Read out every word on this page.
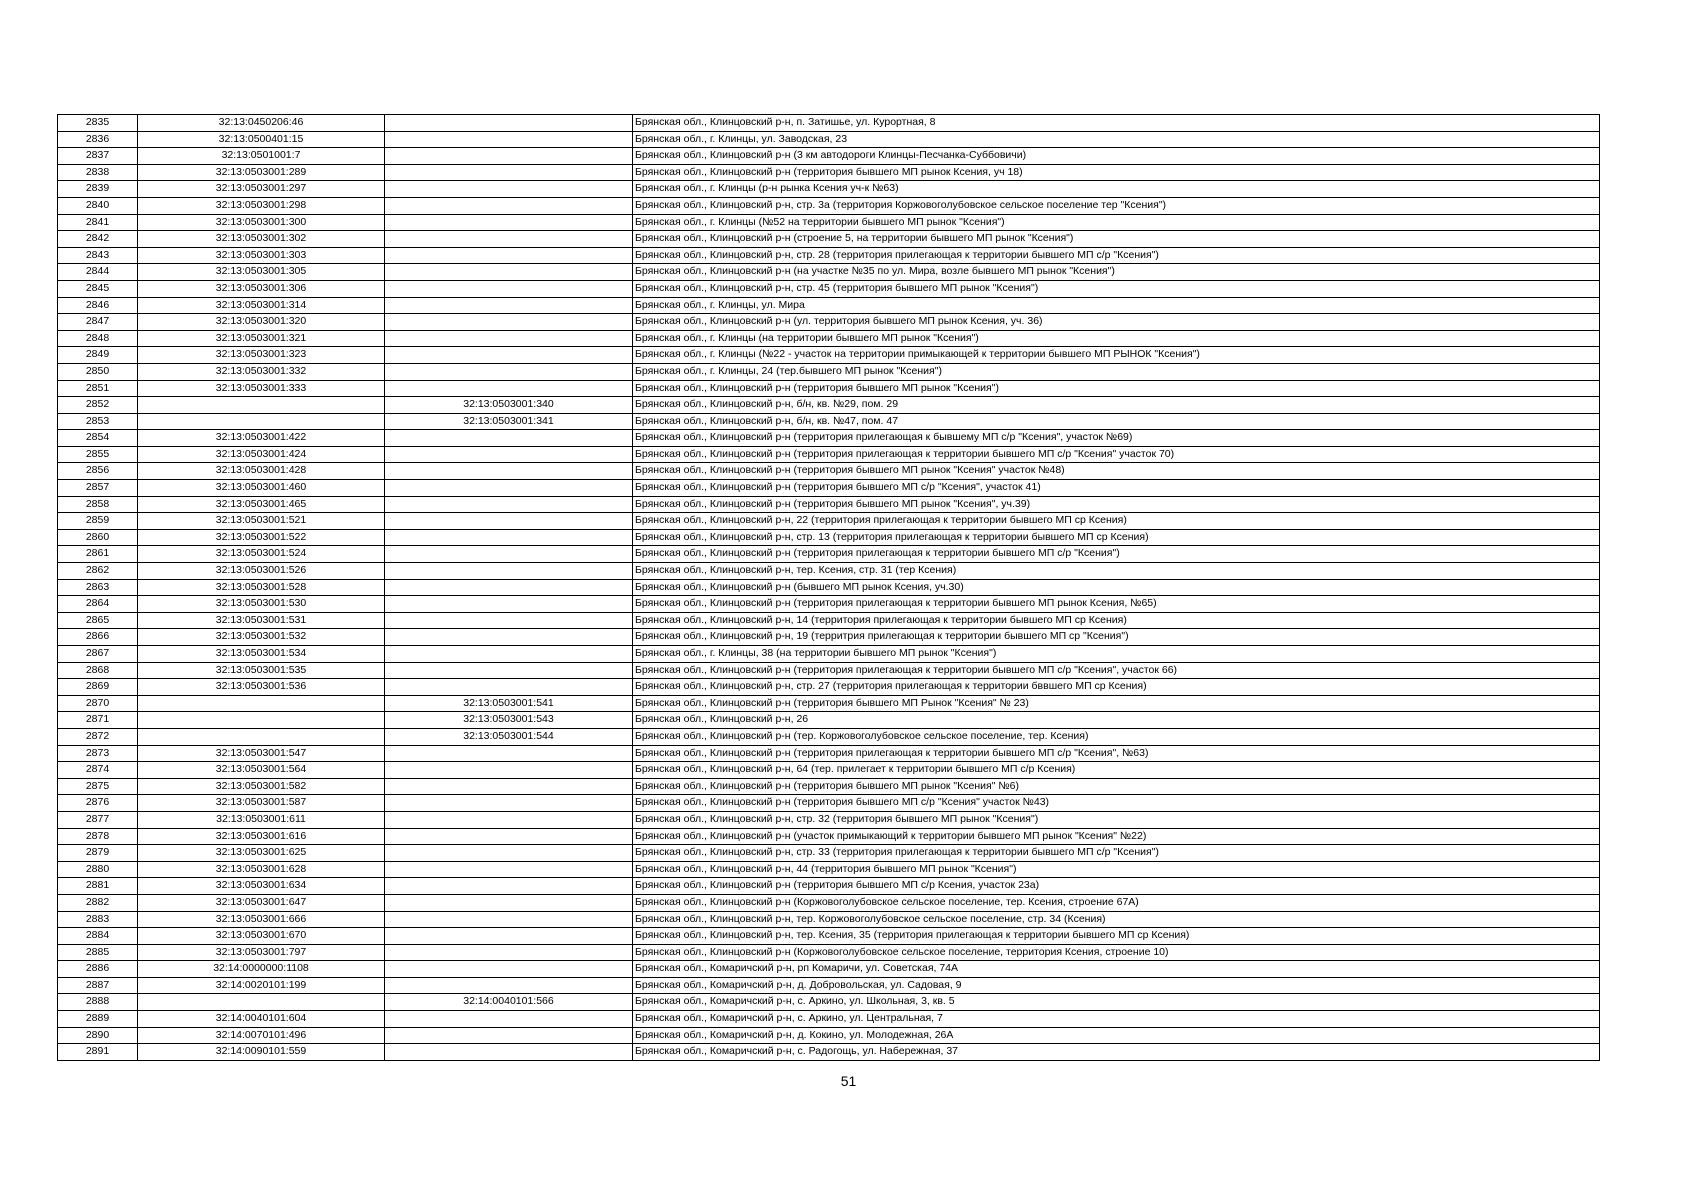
2835	32:13:0450206:46		Брянская обл., Клинцовский р-н, п. Затишье, ул. Курортная, 8
2836	32:13:0500401:15		Брянская обл., г. Клинцы, ул. Заводская, 23
2837	32:13:0501001:7		Брянская обл., Клинцовский р-н (3 км автодороги Клинцы-Песчанка-Суббовичи)
2838	32:13:0503001:289		Брянская обл., Клинцовский р-н (территория бывшего МП рынок Ксения, уч 18)
2839	32:13:0503001:297		Брянская обл., г. Клинцы (р-н рынка Ксения уч-к №63)
2840	32:13:0503001:298		Брянская обл., Клинцовский р-н, стр. 3а (территория Коржовоголубовское сельское поселение тер "Ксения")
2841	32:13:0503001:300		Брянская обл., г. Клинцы (№52 на территории бывшего МП рынок "Ксения")
2842	32:13:0503001:302		Брянская обл., Клинцовский р-н (строение 5, на территории бывшего МП рынок "Ксения")
2843	32:13:0503001:303		Брянская обл., Клинцовский р-н, стр. 28 (территория прилегающая к территории бывшего МП с/р "Ксения")
2844	32:13:0503001:305		Брянская обл., Клинцовский р-н (на участке №35 по ул. Мира, возле бывшего МП рынок "Ксения")
2845	32:13:0503001:306		Брянская обл., Клинцовский р-н, стр. 45 (территория бывшего МП рынок "Ксения")
2846	32:13:0503001:314		Брянская обл., г. Клинцы, ул. Мира
2847	32:13:0503001:320		Брянская обл., Клинцовский р-н (ул. территория бывшего МП рынок Ксения, уч. 36)
2848	32:13:0503001:321		Брянская обл., г. Клинцы (на территории бывшего МП рынок "Ксения")
2849	32:13:0503001:323		Брянская обл., г. Клинцы (№22 - участок на территории примыкающей к территории бывшего МП РЫНОК "Ксения")
2850	32:13:0503001:332		Брянская обл., г. Клинцы, 24 (тер.бывшего МП рынок "Ксения")
2851	32:13:0503001:333		Брянская обл., Клинцовский р-н (территория бывшего МП рынок "Ксения")
2852		32:13:0503001:340	Брянская обл., Клинцовский р-н, б/н, кв. №29, пом. 29
2853		32:13:0503001:341	Брянская обл., Клинцовский р-н, б/н, кв. №47, пом. 47
2854	32:13:0503001:422		Брянская обл., Клинцовский р-н (территория прилегающая к бывшему МП с/р "Ксения", участок №69)
2855	32:13:0503001:424		Брянская обл., Клинцовский р-н (территория прилегающая к территории бывшего МП с/р "Ксения" участок 70)
2856	32:13:0503001:428		Брянская обл., Клинцовский р-н (территория бывшего МП рынок "Ксения" участок №48)
2857	32:13:0503001:460		Брянская обл., Клинцовский р-н (территория бывшего МП с/р "Ксения", участок 41)
2858	32:13:0503001:465		Брянская обл., Клинцовский р-н (территория бывшего МП рынок "Ксения", уч.39)
2859	32:13:0503001:521		Брянская обл., Клинцовский р-н, 22 (территория прилегающая к территории бывшего МП ср Ксения)
2860	32:13:0503001:522		Брянская обл., Клинцовский р-н, стр. 13 (территория прилегающая к территории бывшего МП ср Ксения)
2861	32:13:0503001:524		Брянская обл., Клинцовский р-н (территория прилегающая к территории бывшего МП с/р "Ксения")
2862	32:13:0503001:526		Брянская обл., Клинцовский р-н, тер. Ксения, стр. 31 (тер Ксения)
2863	32:13:0503001:528		Брянская обл., Клинцовский р-н (бывшего МП рынок Ксения, уч.30)
2864	32:13:0503001:530		Брянская обл., Клинцовский р-н (территория прилегающая к территории бывшего МП рынок Ксения, №65)
2865	32:13:0503001:531		Брянская обл., Клинцовский р-н, 14 (территория прилегающая к территории бывшего МП ср Ксения)
2866	32:13:0503001:532		Брянская обл., Клинцовский р-н, 19 (территрия прилегающая к территории бывшего МП ср "Ксения")
2867	32:13:0503001:534		Брянская обл., г. Клинцы, 38 (на территории бывшего МП рынок "Ксения")
2868	32:13:0503001:535		Брянская обл., Клинцовский р-н (территория прилегающая к территории бывшего МП с/р "Ксения", участок 66)
2869	32:13:0503001:536		Брянская обл., Клинцовский р-н, стр. 27 (территория прилегающая к территории бввшего МП ср Ксения)
2870		32:13:0503001:541	Брянская обл., Клинцовский р-н (территория бывшего МП Рынок "Ксения" № 23)
2871		32:13:0503001:543	Брянская обл., Клинцовский р-н, 26
2872		32:13:0503001:544	Брянская обл., Клинцовский р-н (тер. Коржовоголубовское сельское поселение, тер. Ксения)
2873	32:13:0503001:547		Брянская обл., Клинцовский р-н (территория прилегающая к территории бывшего МП с/р "Ксения", №63)
2874	32:13:0503001:564		Брянская обл., Клинцовский р-н, 64 (тер. прилегает к территории бывшего МП с/р Ксения)
2875	32:13:0503001:582		Брянская обл., Клинцовский р-н (территория бывшего МП рынок "Ксения" №6)
2876	32:13:0503001:587		Брянская обл., Клинцовский р-н (территория бывшего МП с/р "Ксения" участок №43)
2877	32:13:0503001:611		Брянская обл., Клинцовский р-н, стр. 32 (территория бывшего МП рынок "Ксения")
2878	32:13:0503001:616		Брянская обл., Клинцовский р-н (участок примыкающий к территории бывшего МП рынок "Ксения" №22)
2879	32:13:0503001:625		Брянская обл., Клинцовский р-н, стр. 33 (территория прилегающая к территории бывшего МП с/р "Ксения")
2880	32:13:0503001:628		Брянская обл., Клинцовский р-н, 44 (территория бывшего МП рынок "Ксения")
2881	32:13:0503001:634		Брянская обл., Клинцовский р-н (территория бывшего МП с/р Ксения, участок 23а)
2882	32:13:0503001:647		Брянская обл., Клинцовский р-н (Коржовоголубовское сельское поселение, тер. Ксения, строение 67А)
2883	32:13:0503001:666		Брянская обл., Клинцовский р-н, тер. Коржовоголубовское сельское поселение, стр. 34 (Ксения)
2884	32:13:0503001:670		Брянская обл., Клинцовский р-н, тер. Ксения, 35 (территория прилегающая к территории бывшего МП ср Ксения)
2885	32:13:0503001:797		Брянская обл., Клинцовский р-н (Коржовоголубовское сельское поселение, территория Ксения, строение 10)
2886	32:14:0000000:1108		Брянская обл., Комаричский р-н, рп Комаричи, ул. Советская, 74А
2887	32:14:0020101:199		Брянская обл., Комаричский р-н, д. Добровольская, ул. Садовая, 9
2888		32:14:0040101:566	Брянская обл., Комаричский р-н, с. Аркино, ул. Школьная, 3, кв. 5
2889	32:14:0040101:604		Брянская обл., Комаричский р-н, с. Аркино, ул. Центральная, 7
2890	32:14:0070101:496		Брянская обл., Комаричский р-н, д. Кокино, ул. Молодежная, 26А
2891	32:14:0090101:559		Брянская обл., Комаричский р-н, с. Радогощь, ул. Набережная, 37
51
